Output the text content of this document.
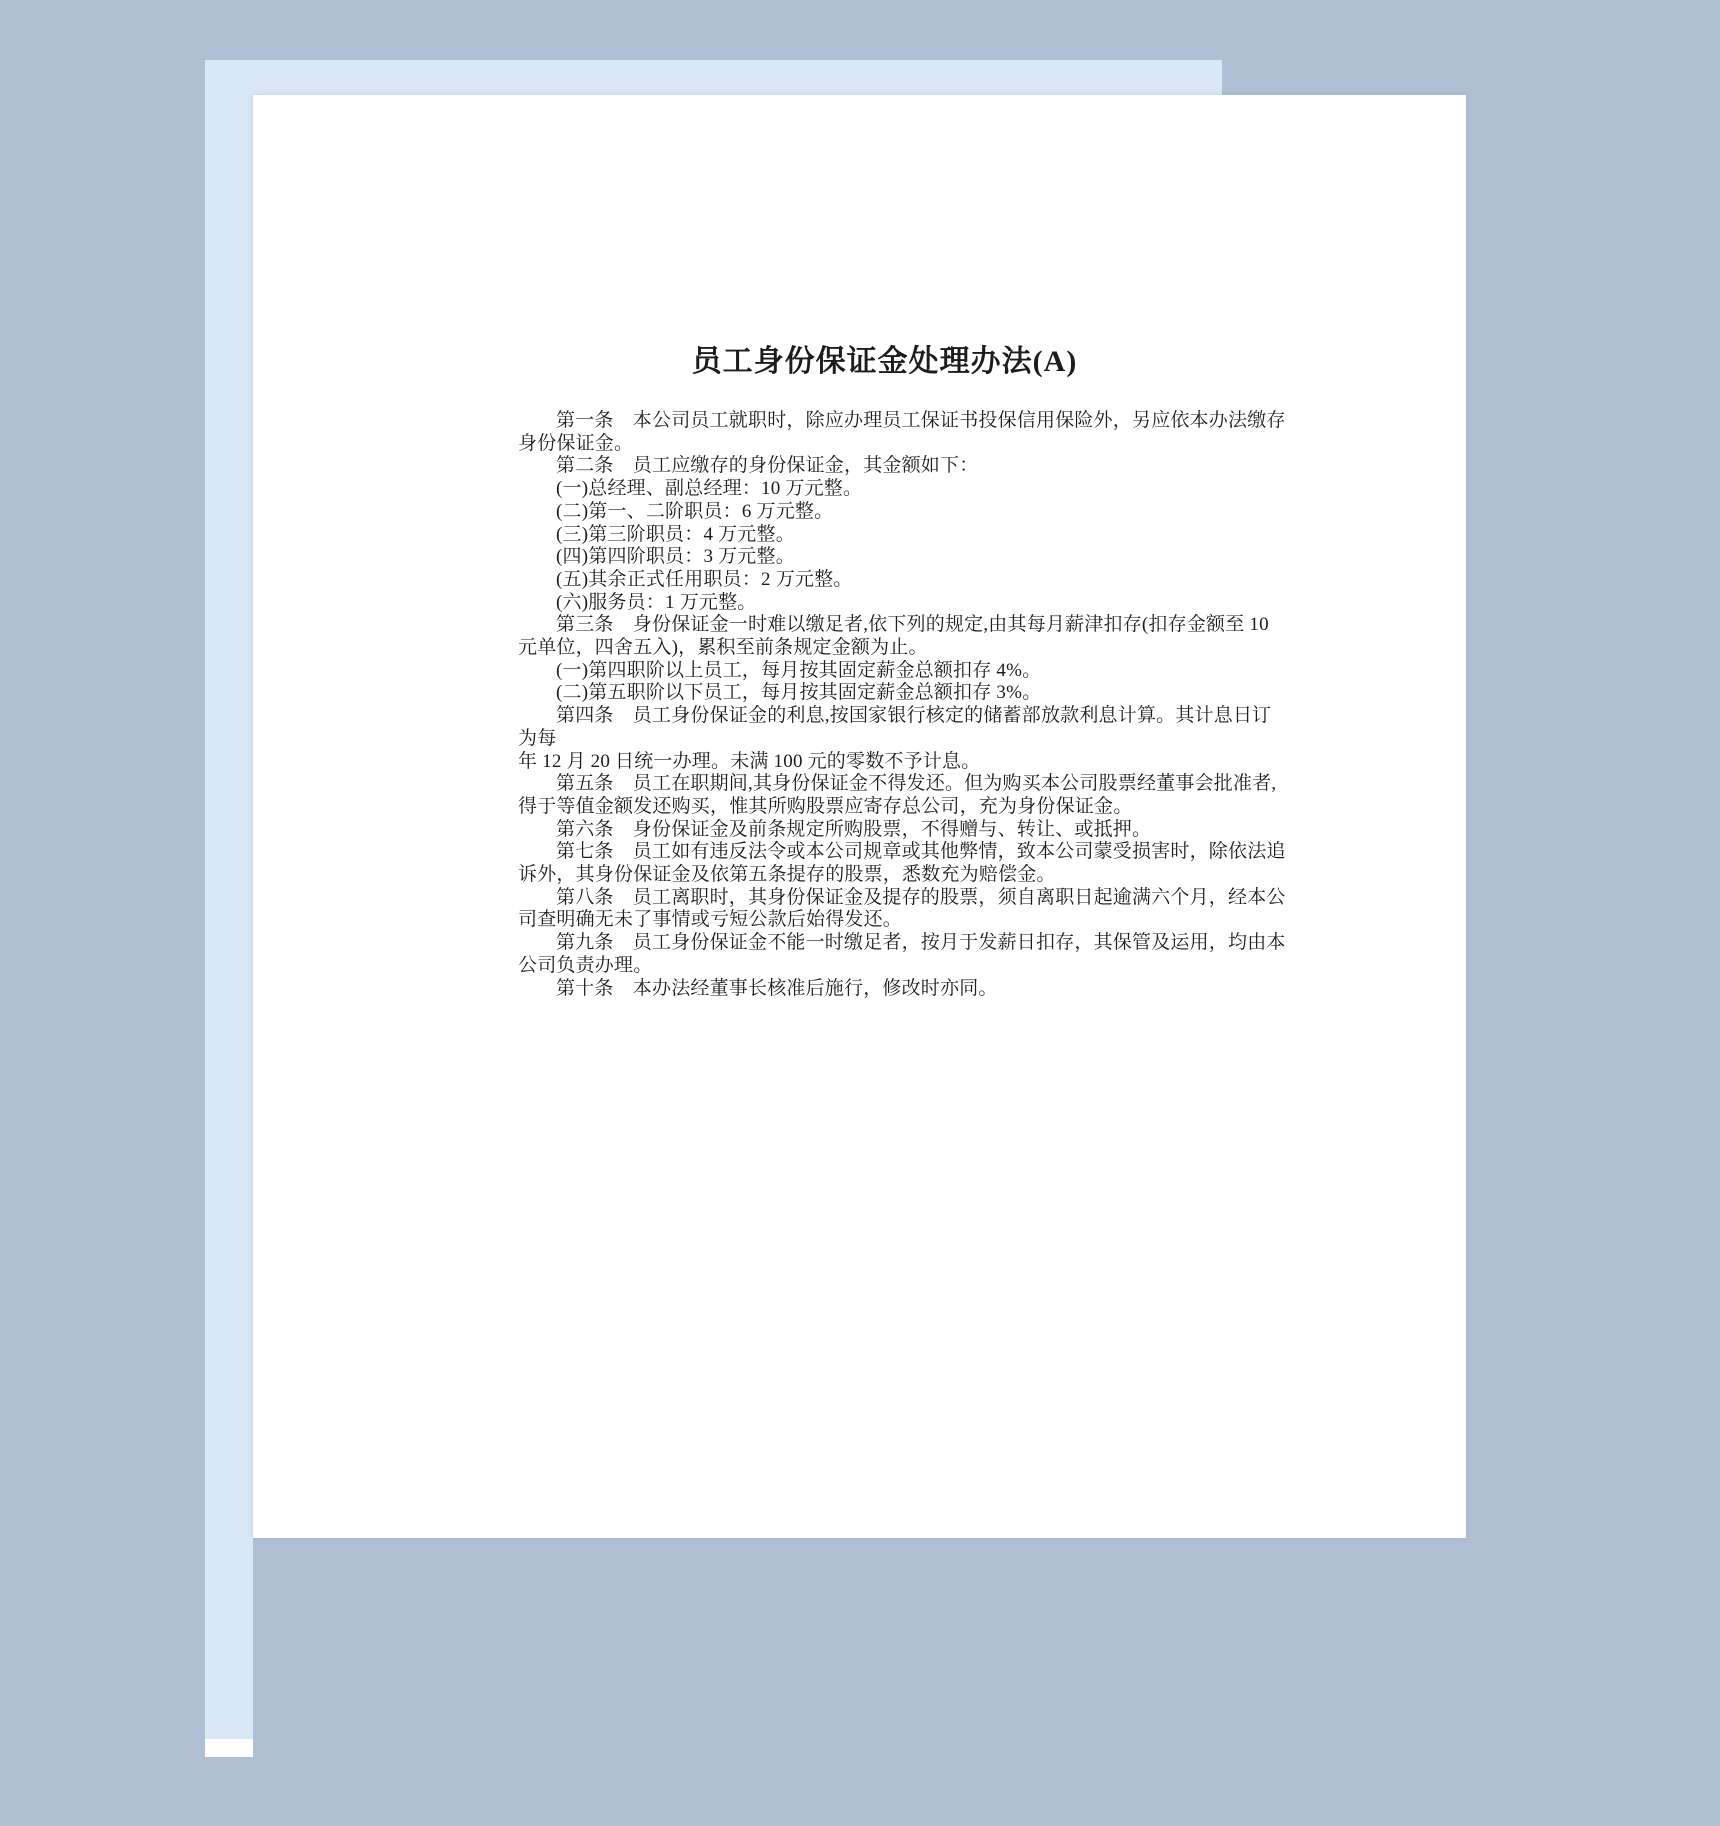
员工身份保证金处理办法(A)
第一条　本公司员工就职时，除应办理员工保证书投保信用保险外，另应依本办法缴存
身份保证金。
第二条　员工应缴存的身份保证金，其金额如下：
(一)总经理、副总经理：10 万元整。
(二)第一、二阶职员：6 万元整。
(三)第三阶职员：4 万元整。
(四)第四阶职员：3 万元整。
(五)其余正式任用职员：2 万元整。
(六)服务员：1 万元整。
第三条　身份保证金一时难以缴足者,依下列的规定,由其每月薪津扣存(扣存金额至 10
元单位，四舍五入)，累积至前条规定金额为止。
(一)第四职阶以上员工，每月按其固定薪金总额扣存 4%。
(二)第五职阶以下员工，每月按其固定薪金总额扣存 3%。
第四条　员工身份保证金的利息,按国家银行核定的储蓄部放款利息计算。其计息日订
为每
年 12 月 20 日统一办理。未满 100 元的零数不予计息。
第五条　员工在职期间,其身份保证金不得发还。但为购买本公司股票经董事会批准者,
得于等值金额发还购买，惟其所购股票应寄存总公司，充为身份保证金。
第六条　身份保证金及前条规定所购股票，不得赠与、转让、或抵押。
第七条　员工如有违反法令或本公司规章或其他弊情，致本公司蒙受损害时，除依法追
诉外，其身份保证金及依第五条提存的股票，悉数充为赔偿金。
第八条　员工离职时，其身份保证金及提存的股票，须自离职日起逾满六个月，经本公
司查明确无未了事情或亏短公款后始得发还。
第九条　员工身份保证金不能一时缴足者，按月于发薪日扣存，其保管及运用，均由本
公司负责办理。
第十条　本办法经董事长核准后施行，修改时亦同。
